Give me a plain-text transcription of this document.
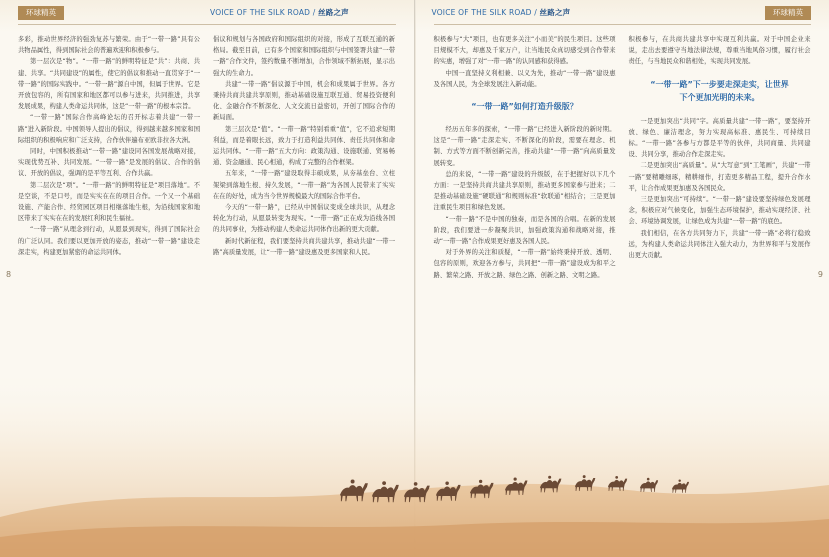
环球精英	VOICE OF THE SILK ROAD / 丝路之声

多彩，推动世界经济的强劲复苏与繁荣。由于“一带一路”具有公共物品属性，得到国际社会的普遍欢迎和积极参与。

第一层次是“物”。“一带一路”的鲜明特征是“共”：共商、共建、共享。“共同建设”的属性，使它的倡议和推动一直贯穿于“一带一路”的国际实践中。“一带一路”源自中国，但属于世界。它是开放包容的，所有国家和地区都可以参与进来，共同推进，共享发展成果，构建人类命运共同体，这是“一带一路”的根本宗旨。

“一带一路”国际合作高峰论坛的召开标志着共建“一带一路”进入新阶段。中国领导人提出的倡议，得到越来越多国家和国际组织的积极响应和广泛支持，合作伙伴遍布亚欧非拉各大洲。

同时，中国积极推动“一带一路”建设同各国发展战略对接，实现优势互补、共同发展。“一带一路”是发展的倡议、合作的倡议、开放的倡议，强调的是平等互利、合作共赢。

第二层次是“项”。“一带一路”的鲜明特征是“项目落地”。不是空谈，不是口号，而是实实在在的项目合作。一个又一个基础设施、产能合作、经贸园区项目相继落地生根，为沿线国家和地区带来了实实在在的发展红利和民生福祉。

“一带一路”从理念到行动，从愿景到现实，得到了国际社会的广泛认同。我们要以更加开放的姿态，推动“一带一路”建设走深走实，构建更加紧密的命运共同体。

倡议和规划与各国政府和国际组织的对接，形成了互联互通的新格局。截至目前，已有多个国家和国际组织与中国签署共建“一带一路”合作文件，签约数量不断增加，合作领域不断拓展，显示出强大的生命力。

共建“一带一路”倡议源于中国，机会和成果属于世界。各方秉持共商共建共享原则，推动基础设施互联互通、贸易投资便利化、金融合作不断深化、人文交流日益密切，开创了国际合作的新局面。

第三层次是“值”。“一带一路”特别看重“值”，它不追求短期利益，而是着眼长远，致力于打造利益共同体、责任共同体和命运共同体。“一带一路”五大方向：政策沟通、设施联通、贸易畅通、资金融通、民心相通，构成了完整的合作框架。

五年来，“一带一路”建设取得丰硕成果，从夯基垒台、立柱架梁到落地生根、持久发展，“一带一路”为各国人民带来了实实在在的好处，成为当今世界规模最大的国际合作平台。

今天的“一带一路”，已经从中国倡议变成全球共识，从理念转化为行动，从愿景转变为现实。“一带一路”正在成为沿线各国的共同事业，为推动构建人类命运共同体作出新的更大贡献。

新时代新征程，我们要坚持共商共建共享，推动共建“一带一路”高质量发展，让“一带一路”建设惠及更多国家和人民。

8
VOICE OF THE SILK ROAD / 丝路之声	环球精英

积极参与“大”项目，也有更多关注“小而美”的民生项目。这些项目规模不大，却惠及千家万户，让当地民众真切感受到合作带来的实惠，增强了对“一带一路”的认同感和获得感。

中国一直坚持义利相兼、以义为先，推动“一带一路”建设惠及各国人民，为全球发展注入新动能。

“一带一路”如何打造升级版？

经历五年多的探索，“一带一路”已经进入新阶段的新时期。这是“一带一路”走深走实、不断深化的阶段，需要在理念、机制、方式等方面不断创新完善，推动共建“一带一路”向高质量发展转变。

总的来说，“一带一路”建设的升级版，在于把握好以下几个方面：一是坚持共商共建共享原则，推动更多国家参与进来；二是推动基础设施“硬联通”和规则标准“软联通”相结合；三是更加注重民生项目和绿色发展。

“一带一路”不是中国的独奏，而是各国的合唱。在新的发展阶段，我们要进一步凝聚共识，加强政策沟通和战略对接，推动“一带一路”合作成果更好惠及各国人民。

对于外界的关注和质疑，“一带一路”始终秉持开放、透明、包容的原则，欢迎各方参与，共同把“一带一路”建设成为和平之路、繁荣之路、开放之路、绿色之路、创新之路、文明之路。

积极参与，在共商共建共享中实现互利共赢。对于中国企业来说，走出去要遵守当地法律法规，尊重当地风俗习惯，履行社会责任，与当地民众和谐相处，实现共同发展。

“一带一路”下一步要走深走实，让世界
下个更加光明的未来。

一是更加突出“共同”字。高质量共建“一带一路”，要坚持开放、绿色、廉洁理念，努力实现高标准、惠民生、可持续目标。“一带一路”各参与方都是平等的伙伴，共同商量、共同建设、共同分享，推动合作走深走实。

二是更加突出“高质量”。从“大写意”到“工笔画”，共建“一带一路”要精雕细琢，精耕细作，打造更多精品工程，提升合作水平，让合作成果更加惠及各国民众。

三是更加突出“可持续”。“一带一路”建设要坚持绿色发展理念，积极应对气候变化，加强生态环境保护，推动实现经济、社会、环境协调发展，让绿色成为共建“一带一路”的底色。

我们相信，在各方共同努力下，共建“一带一路”必将行稳致远，为构建人类命运共同体注入强大动力，为世界和平与发展作出更大贡献。

9
